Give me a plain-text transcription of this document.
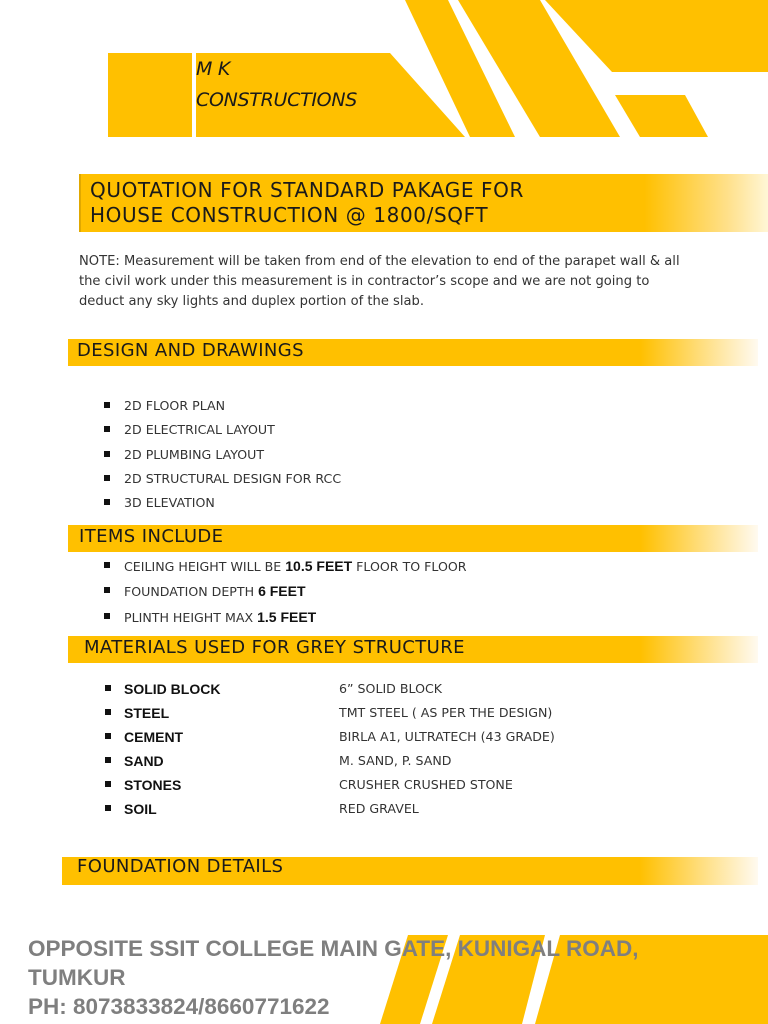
M K
CONSTRUCTIONS
QUOTATION FOR STANDARD PAKAGE FOR
HOUSE CONSTRUCTION @ 1800/SQFT
NOTE: Measurement will be taken from end of the elevation to end of the parapet wall & all the civil work under this measurement is in contractor’s scope and we are not going to deduct any sky lights and duplex portion of the slab.
DESIGN AND DRAWINGS
2D FLOOR PLAN
2D ELECTRICAL LAYOUT
2D PLUMBING LAYOUT
2D STRUCTURAL DESIGN FOR RCC
3D ELEVATION
ITEMS INCLUDE
CEILING HEIGHT WILL BE 10.5 FEET FLOOR TO FLOOR
FOUNDATION DEPTH 6 FEET
PLINTH HEIGHT MAX 1.5 FEET
MATERIALS USED FOR GREY STRUCTURE
SOLID BLOCK	6” SOLID BLOCK
STEEL	TMT STEEL ( AS PER THE DESIGN)
CEMENT	BIRLA A1, ULTRATECH (43 GRADE)
SAND	M. SAND, P. SAND
STONES	CRUSHER CRUSHED STONE
SOIL	RED GRAVEL
FOUNDATION DETAILS
OPPOSITE SSIT COLLEGE MAIN GATE, KUNIGAL ROAD,
TUMKUR
PH: 8073833824/8660771622
